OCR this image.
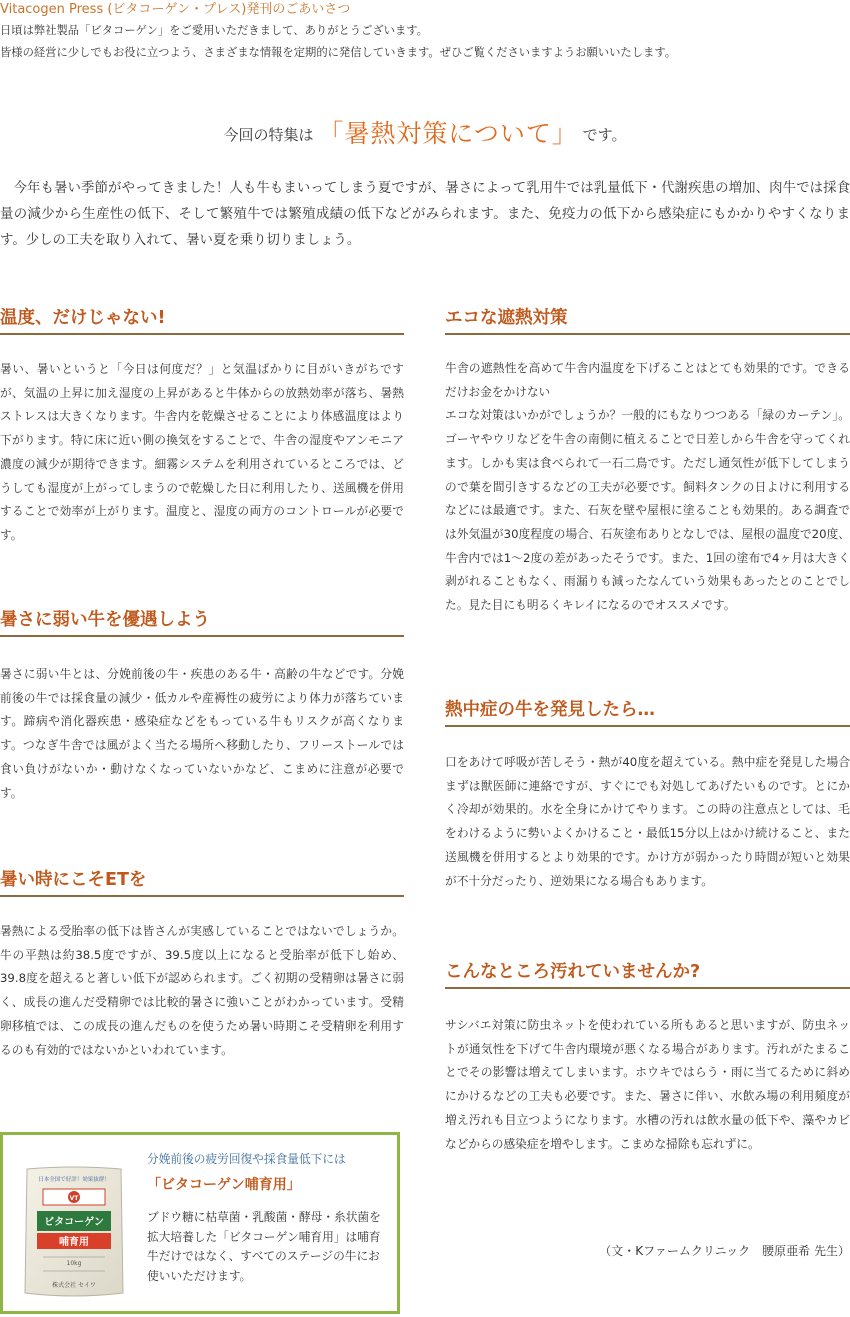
Vitacogen Press (ビタコーゲン・プレス)発刊のごあいさつ

日頃は弊社製品「ビタコーゲン」をご愛用いただきまして、ありがとうございます。

皆様の経営に少しでもお役に立つよう、さまざまな情報を定期的に発信していきます。ぜひご覧くださいますようお願いいたします。

今回の特集は 「暑熱対策について」 です。

　今年も暑い季節がやってきました！人も牛もまいってしまう夏ですが、暑さによって乳用牛では乳量低下・代謝疾患の増加、肉牛では採食量の減少から生産性の低下、そして繁殖牛では繁殖成績の低下などがみられます。また、免疫力の低下から感染症にもかかりやすくなります。少しの工夫を取り入れて、暑い夏を乗り切りましょう。

温度、だけじゃない!

暑い、暑いというと「今日は何度だ？」と気温ばかりに目がいきがちですが、気温の上昇に加え湿度の上昇があると牛体からの放熱効率が落ち、暑熱ストレスは大きくなります。牛舎内を乾燥させることにより体感温度はより下がります。特に床に近い側の換気をすることで、牛舎の湿度やアンモニア濃度の減少が期待できます。細霧システムを利用されているところでは、どうしても湿度が上がってしまうので乾燥した日に利用したり、送風機を併用することで効率が上がります。温度と、湿度の両方のコントロールが必要です。

暑さに弱い牛を優遇しよう

暑さに弱い牛とは、分娩前後の牛・疾患のある牛・高齢の牛などです。分娩前後の牛では採食量の減少・低カルや産褥性の疲労により体力が落ちています。蹄病や消化器疾患・感染症などをもっている牛もリスクが高くなります。つなぎ牛舎では風がよく当たる場所へ移動したり、フリーストールでは食い負けがないか・動けなくなっていないかなど、こまめに注意が必要です。

暑い時にこそETを

暑熱による受胎率の低下は皆さんが実感していることではないでしょうか。牛の平熱は約38.5度ですが、39.5度以上になると受胎率が低下し始め、39.8度を超えると著しい低下が認められます。ごく初期の受精卵は暑さに弱く、成長の進んだ受精卵では比較的暑さに強いことがわかっています。受精卵移植では、この成長の進んだものを使うため暑い時期こそ受精卵を利用するのも有効的ではないかといわれています。

エコな遮熱対策

牛舎の遮熱性を高めて牛舎内温度を下げることはとても効果的です。できるだけお金をかけない
エコな対策はいかがでしょうか？一般的にもなりつつある「緑のカーテン」。ゴーヤやウリなどを牛舎の南側に植えることで日差しから牛舎を守ってくれます。しかも実は食べられて一石二鳥です。ただし通気性が低下してしまうので葉を間引きするなどの工夫が必要です。飼料タンクの日よけに利用するなどには最適です。また、石灰を壁や屋根に塗ることも効果的。ある調査では外気温が30度程度の場合、石灰塗布ありとなしでは、屋根の温度で20度、牛舎内では1～2度の差があったそうです。また、1回の塗布で4ヶ月は大きく剥がれることもなく、雨漏りも減ったなんていう効果もあったとのことでした。見た目にも明るくキレイになるのでオススメです。

熱中症の牛を発見したら…

口をあけて呼吸が苦しそう・熱が40度を超えている。熱中症を発見した場合まずは獣医師に連絡ですが、すぐにでも対処してあげたいものです。とにかく冷却が効果的。水を全身にかけてやります。この時の注意点としては、毛をわけるように勢いよくかけること・最低15分以上はかけ続けること、また送風機を併用するとより効果的です。かけ方が弱かったり時間が短いと効果が不十分だったり、逆効果になる場合もあります。

こんなところ汚れていませんか?

サシバエ対策に防虫ネットを使われている所もあると思いますが、防虫ネットが通気性を下げて牛舎内環境が悪くなる場合があります。汚れがたまることでその影響は増えてしまいます。ホウキではらう・雨に当てるために斜めにかけるなどの工夫も必要です。また、暑さに伴い、水飲み場の利用頻度が増え汚れも目立つようになります。水槽の汚れは飲水量の低下や、藻やカビなどからの感染症を増やします。こまめな掃除も忘れずに。

（文・Kファームクリニック　腰原亜希 先生）
日本全国で好評！効果抜群！
VT
ビタコーゲン
哺育用
10kg
株式会社 セイワ
分娩前後の疲労回復や採食量低下には
「ビタコーゲン哺育用」
ブドウ糖に枯草菌・乳酸菌・酵母・糸状菌を拡大培養した「ビタコーゲン哺育用」は哺育牛だけではなく、すべてのステージの牛にお使いいただけます。
